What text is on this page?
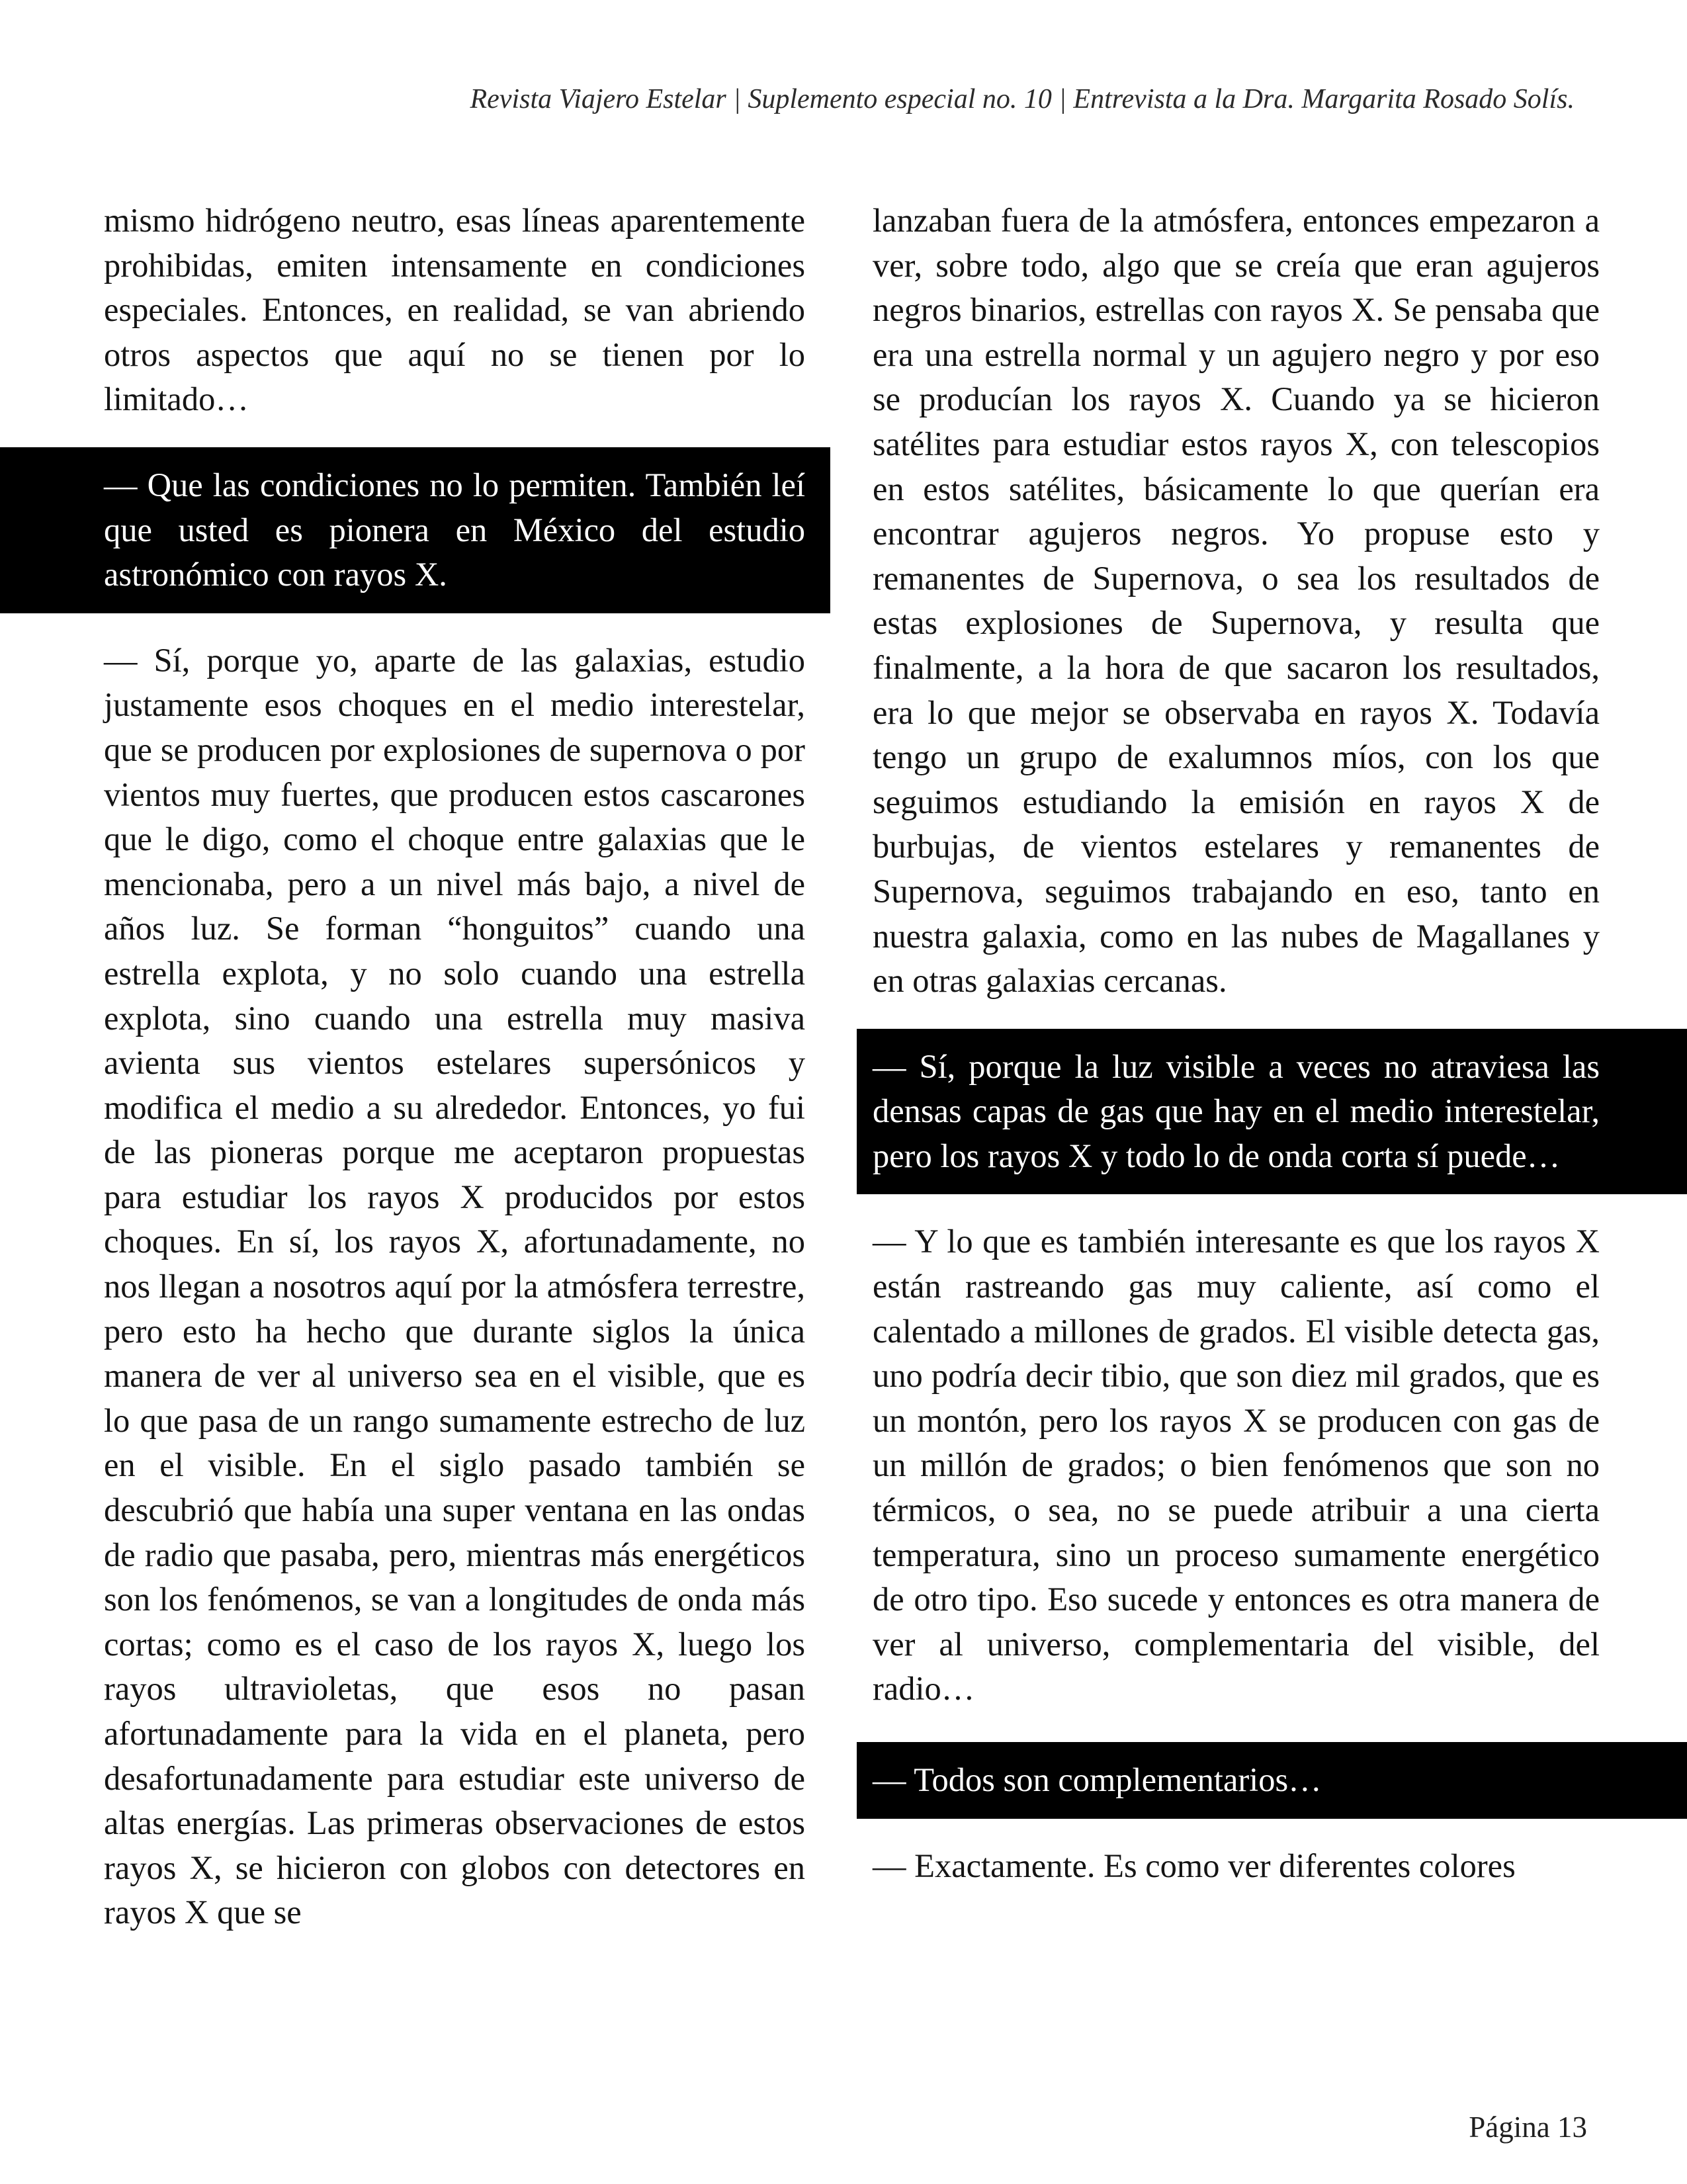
Revista Viajero Estelar | Suplemento especial no. 10 | Entrevista a la Dra. Margarita Rosado Solís.

mismo hidrógeno neutro, esas líneas aparentemente prohibidas, emiten intensamente en condiciones especiales. Entonces, en realidad, se van abriendo otros aspectos que aquí no se tienen por lo limitado…

— Que las condiciones no lo permiten. También leí que usted es pionera en México del estudio astronómico con rayos X.

— Sí, porque yo, aparte de las galaxias, estudio justamente esos choques en el medio interestelar, que se producen por explosiones de supernova o por vientos muy fuertes, que producen estos cascarones que le digo, como el choque entre galaxias que le mencionaba, pero a un nivel más bajo, a nivel de años luz. Se forman “honguitos” cuando una estrella explota, y no solo cuando una estrella explota, sino cuando una estrella muy masiva avienta sus vientos estelares supersónicos y modifica el medio a su alrededor. Entonces, yo fui de las pioneras porque me aceptaron propuestas para estudiar los rayos X producidos por estos choques. En sí, los rayos X, afortunadamente, no nos llegan a nosotros aquí por la atmósfera terrestre, pero esto ha hecho que durante siglos la única manera de ver al universo sea en el visible, que es lo que pasa de un rango sumamente estrecho de luz en el visible. En el siglo pasado también se descubrió que había una super ventana en las ondas de radio que pasaba, pero, mientras más energéticos son los fenómenos, se van a longitudes de onda más cortas; como es el caso de los rayos X, luego los rayos ultravioletas, que esos no pasan afortunadamente para la vida en el planeta, pero desafortunadamente para estudiar este universo de altas energías. Las primeras observaciones de estos rayos X, se hicieron con globos con detectores en rayos X que se

lanzaban fuera de la atmósfera, entonces empezaron a ver, sobre todo, algo que se creía que eran agujeros negros binarios, estrellas con rayos X. Se pensaba que era una estrella normal y un agujero negro y por eso se producían los rayos X. Cuando ya se hicieron satélites para estudiar estos rayos X, con telescopios en estos satélites, básicamente lo que querían era encontrar agujeros negros. Yo propuse esto y remanentes de Supernova, o sea los resultados de estas explosiones de Supernova, y resulta que finalmente, a la hora de que sacaron los resultados, era lo que mejor se observaba en rayos X. Todavía tengo un grupo de exalumnos míos, con los que seguimos estudiando la emisión en rayos X de burbujas, de vientos estelares y remanentes de Supernova, seguimos trabajando en eso, tanto en nuestra galaxia, como en las nubes de Magallanes y en otras galaxias cercanas.

— Sí, porque la luz visible a veces no atraviesa las densas capas de gas que hay en el medio interestelar, pero los rayos X y todo lo de onda corta sí puede…

— Y lo que es también interesante es que los rayos X están rastreando gas muy caliente, así como el calentado a millones de grados. El visible detecta gas, uno podría decir tibio, que son diez mil grados, que es un montón, pero los rayos X se producen con gas de un millón de grados; o bien fenómenos que son no térmicos, o sea, no se puede atribuir a una cierta temperatura, sino un proceso sumamente energético de otro tipo. Eso sucede y entonces es otra manera de ver al universo, complementaria del visible, del radio…

— Todos son complementarios…

— Exactamente. Es como ver diferentes colores

Página 13
